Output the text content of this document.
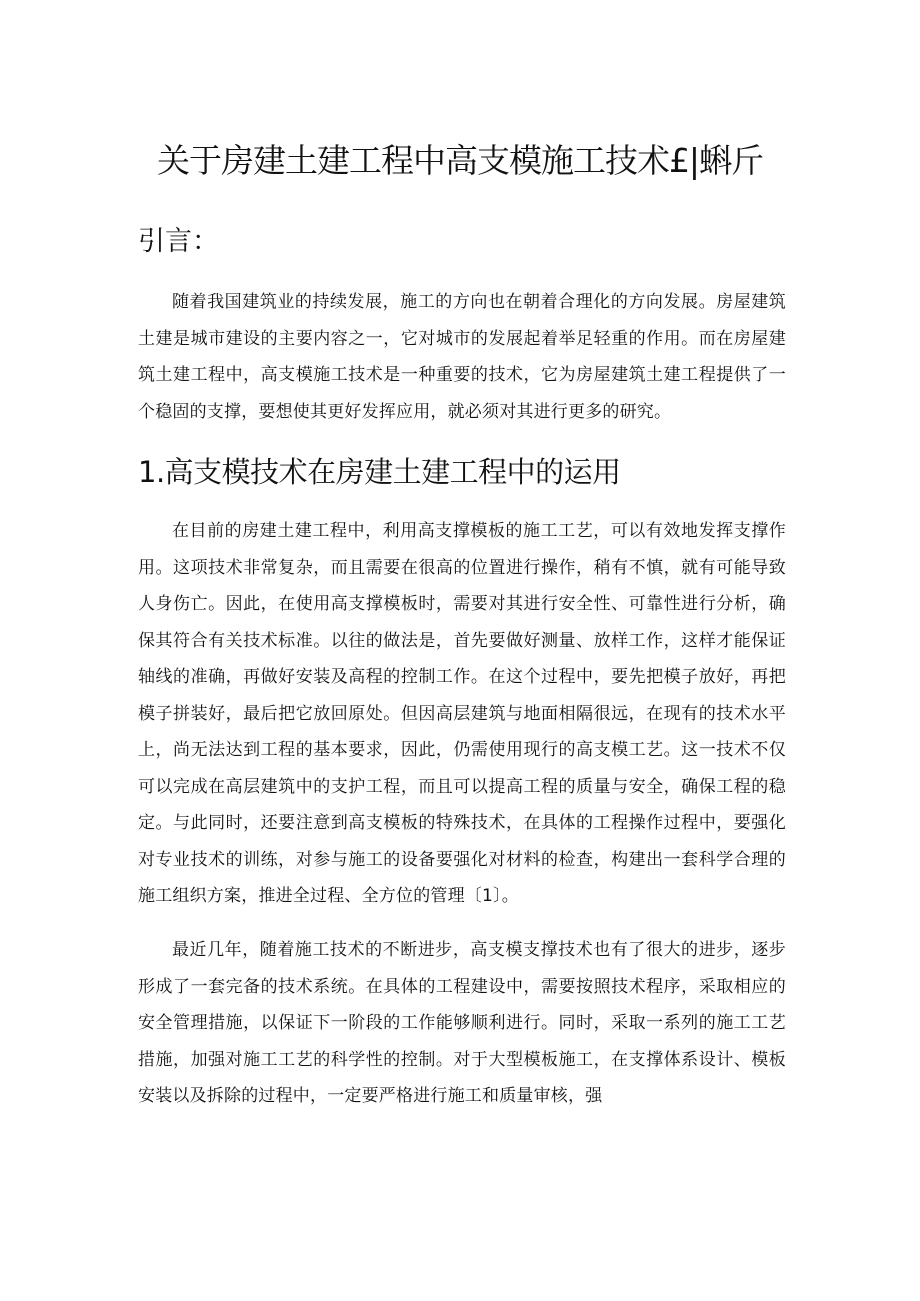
关于房建土建工程中高支模施工技术£|蝌斤
引言：

随着我国建筑业的持续发展，施工的方向也在朝着合理化的方向发展。房屋建筑土建是城市建设的主要内容之一，它对城市的发展起着举足轻重的作用。而在房屋建筑土建工程中，高支模施工技术是一种重要的技术，它为房屋建筑土建工程提供了一个稳固的支撑，要想使其更好发挥应用，就必须对其进行更多的研究。

1.高支模技术在房建土建工程中的运用

在目前的房建土建工程中，利用高支撑模板的施工工艺，可以有效地发挥支撑作用。这项技术非常复杂，而且需要在很高的位置进行操作，稍有不慎，就有可能导致人身伤亡。因此，在使用高支撑模板时，需要对其进行安全性、可靠性进行分析，确保其符合有关技术标准。以往的做法是，首先要做好测量、放样工作，这样才能保证轴线的准确，再做好安装及高程的控制工作。在这个过程中，要先把模子放好，再把模子拼装好，最后把它放回原处。但因高层建筑与地面相隔很远，在现有的技术水平上，尚无法达到工程的基本要求，因此，仍需使用现行的高支模工艺。这一技术不仅可以完成在高层建筑中的支护工程，而且可以提高工程的质量与安全，确保工程的稳定。与此同时，还要注意到高支模板的特殊技术，在具体的工程操作过程中，要强化对专业技术的训练，对参与施工的设备要强化对材料的检查，构建出一套科学合理的施工组织方案，推进全过程、全方位的管理〔1〕。

最近几年，随着施工技术的不断进步，高支模支撑技术也有了很大的进步，逐步形成了一套完备的技术系统。在具体的工程建设中，需要按照技术程序，采取相应的安全管理措施，以保证下一阶段的工作能够顺利进行。同时，采取一系列的施工工艺措施，加强对施工工艺的科学性的控制。对于大型模板施工，在支撑体系设计、模板安装以及拆除的过程中，一定要严格进行施工和质量审核，强
